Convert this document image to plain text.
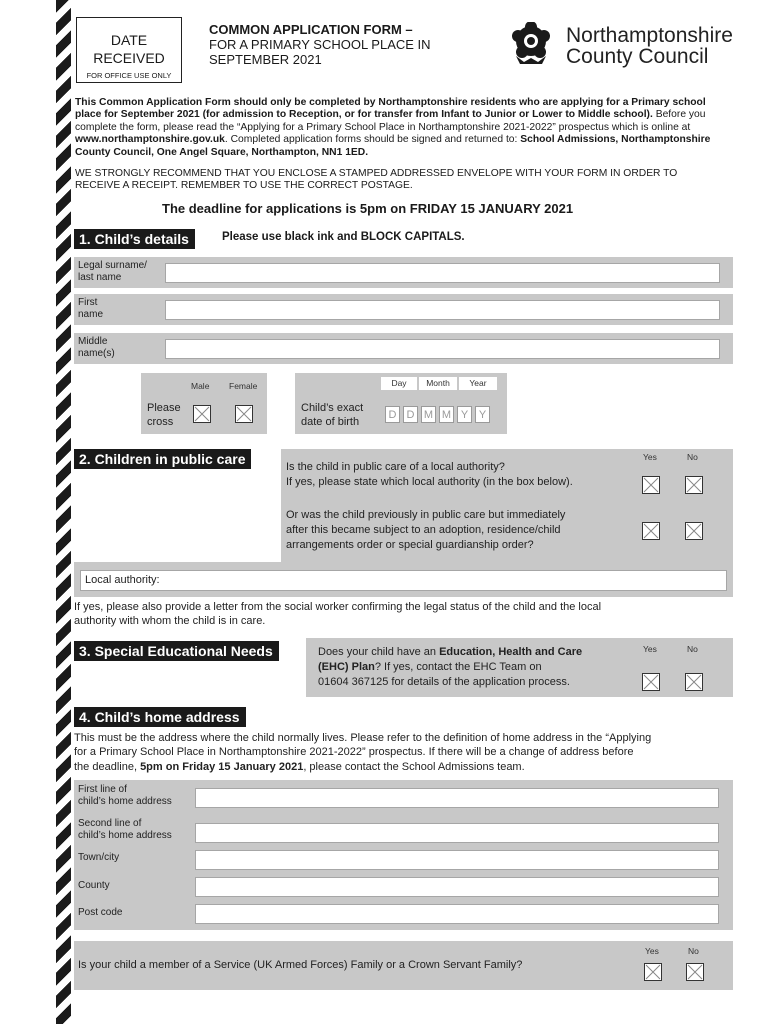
DATE
RECEIVED
FOR OFFICE USE ONLY
COMMON APPLICATION FORM –
FOR A PRIMARY SCHOOL PLACE IN
SEPTEMBER 2021
Northamptonshire
County Council
This Common Application Form should only be completed by Northamptonshire residents who are applying for a Primary school place for September 2021 (for admission to Reception, or for transfer from Infant to Junior or Lower to Middle school). Before you complete the form, please read the “Applying for a Primary School Place in Northamptonshire 2021-2022” prospectus which is online at www.northamptonshire.gov.uk. Completed application forms should be signed and returned to: School Admissions, Northamptonshire County Council, One Angel Square, Northampton, NN1 1ED.
WE STRONGLY RECOMMEND THAT YOU ENCLOSE A STAMPED ADDRESSED ENVELOPE WITH YOUR FORM IN ORDER TO RECEIVE A RECEIPT. REMEMBER TO USE THE CORRECT POSTAGE.
The deadline for applications is 5pm on FRIDAY 15 JANUARY 2021
1. Child’s details	Please use black ink and BLOCK CAPITALS.
Legal surname/
last name
First
name
Middle
name(s)
Male Female
Please
cross
Day	Month	Year
Child’s exact
date of birth
D D M M Y Y
2. Children in public care	Yes	No
Is the child in public care of a local authority?
If yes, please state which local authority (in the box below).
Or was the child previously in public care but immediately
after this became subject to an adoption, residence/child
arrangements order or special guardianship order?
Local authority:
If yes, please also provide a letter from the social worker confirming the legal status of the child and the local
authority with whom the child is in care.
3. Special Educational Needs	Yes	No
Does your child have an Education, Health and Care
(EHC) Plan? If yes, contact the EHC Team on
01604 367125 for details of the application process.
4. Child’s home address
This must be the address where the child normally lives. Please refer to the definition of home address in the “Applying
for a Primary School Place in Northamptonshire 2021-2022” prospectus. If there will be a change of address before
the deadline, 5pm on Friday 15 January 2021, please contact the School Admissions team.
First line of
child’s home address
Second line of
child’s home address
Town/city
County
Post code
Yes	No
Is your child a member of a Service (UK Armed Forces) Family or a Crown Servant Family?
